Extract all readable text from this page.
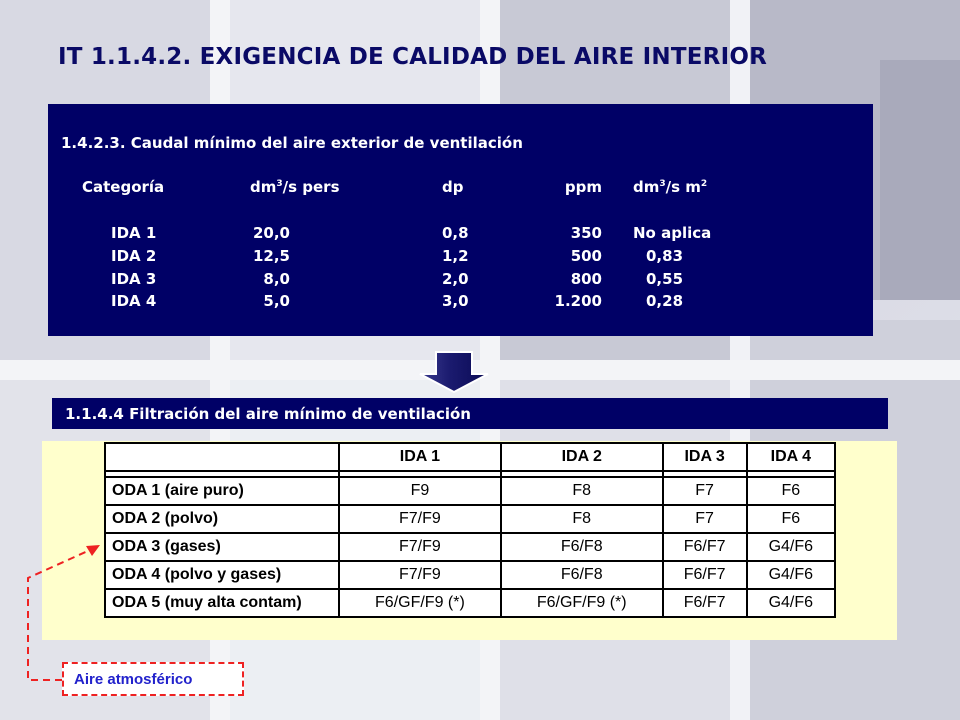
IT 1.1.4.2. EXIGENCIA DE CALIDAD DEL AIRE INTERIOR
1.4.2.3. Caudal mínimo del aire exterior de ventilación
Categoría	$dm^3/s$ pers	dp	ppm $dm^3/s$ $m^2$
IDA 1	20,0	0,8	350 No aplica
IDA 2	12,5	1,2	500	0,83
IDA 3	8,0	2,0	800	0,55
IDA 4	5,0	3,0	1.200	0,28
1.1.4.4 Filtración del aire mínimo de ventilación
	IDA 1	IDA 2	IDA 3	IDA 4

ODA 1 (aire puro)	F9	F8	F7	F6
ODA 2 (polvo)	F7/F9	F8	F7	F6
ODA 3 (gases)	F7/F9	F6/F8	F6/F7	G4/F6
ODA 4 (polvo y gases)	F7/F9	F6/F8	F6/F7	G4/F6
ODA 5 (muy alta contam)	F6/GF/F9 (*)	F6/GF/F9 (*)	F6/F7	G4/F6
Aire atmosférico
